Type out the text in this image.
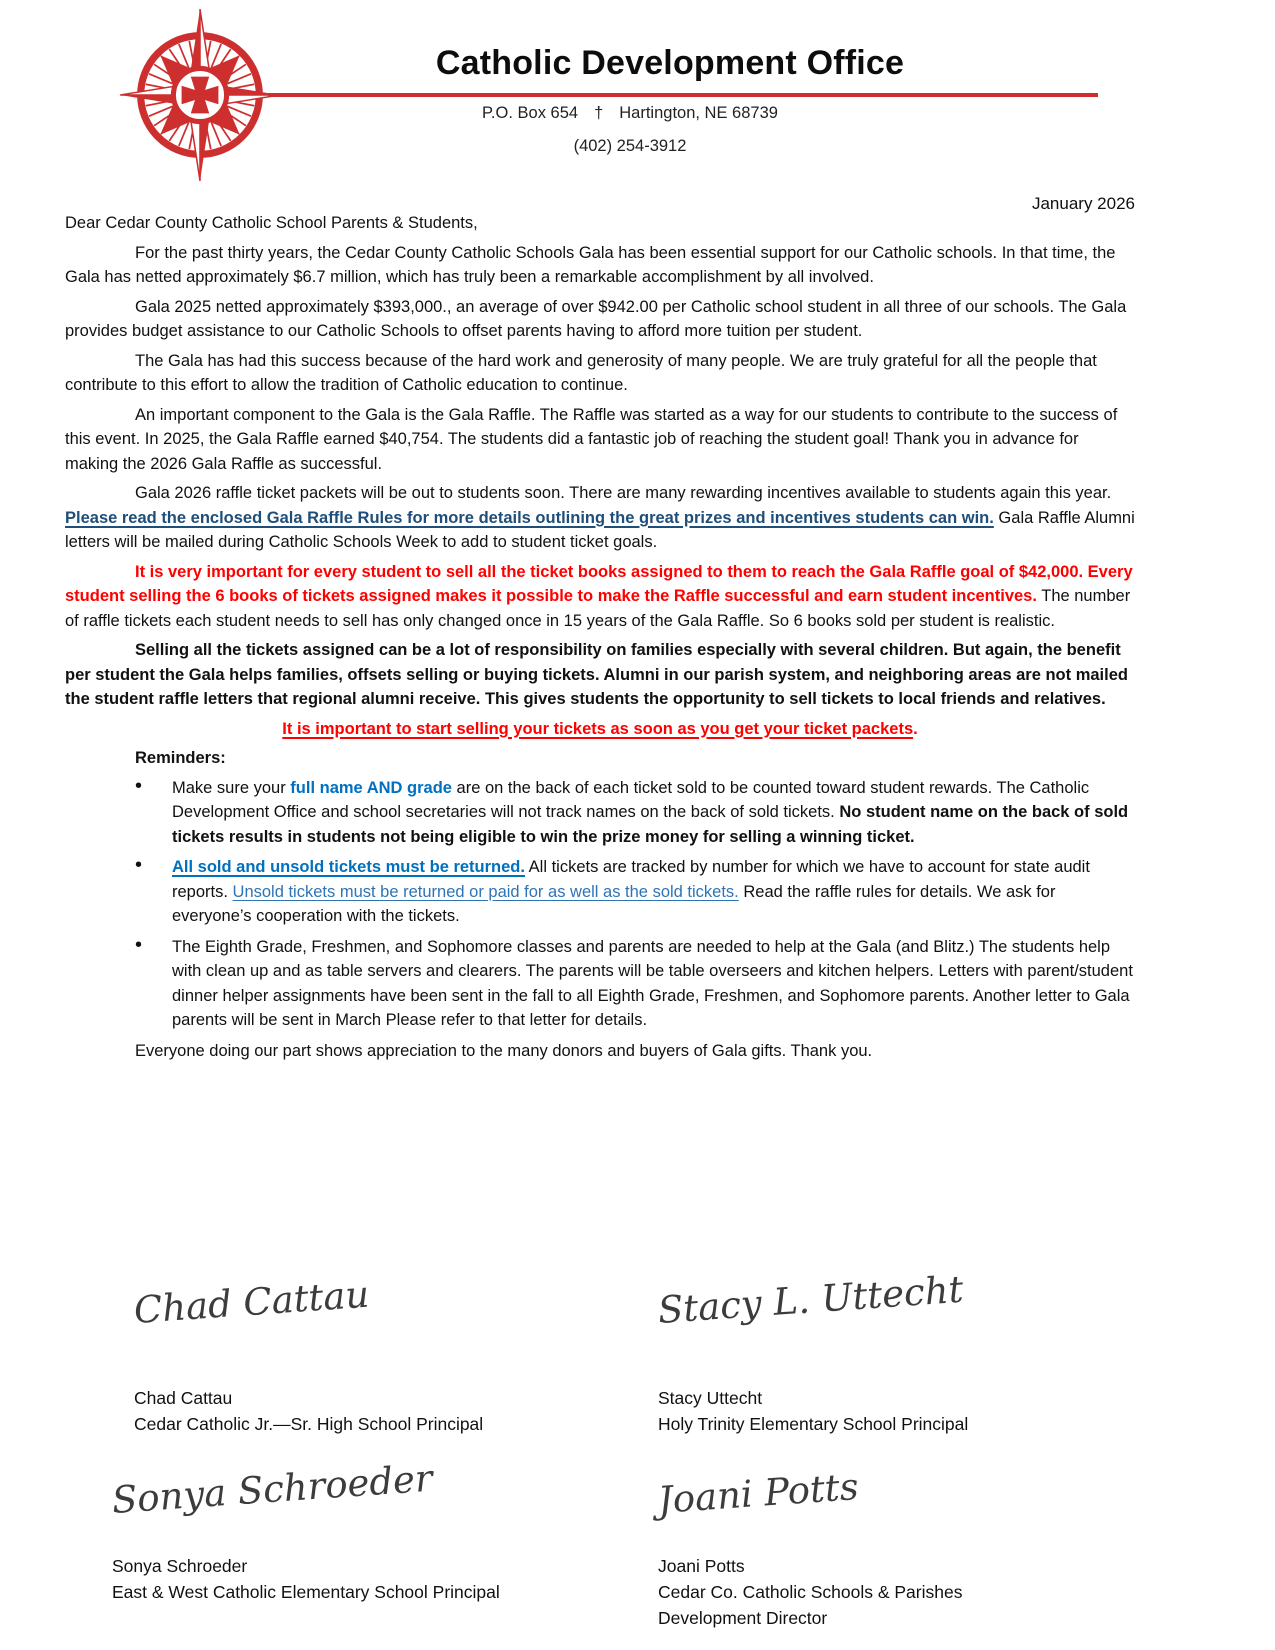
Catholic Development Office
P.O. Box 654 † Hartington, NE 68739
(402) 254-3912
January 2026
Dear Cedar County Catholic School Parents & Students,
For the past thirty years, the Cedar County Catholic Schools Gala has been essential support for our Catholic schools. In that time, the Gala has netted approximately $6.7 million, which has truly been a remarkable accomplishment by all involved.
Gala 2025 netted approximately $393,000., an average of over $942.00 per Catholic school student in all three of our schools. The Gala provides budget assistance to our Catholic Schools to offset parents having to afford more tuition per student.
The Gala has had this success because of the hard work and generosity of many people. We are truly grateful for all the people that contribute to this effort to allow the tradition of Catholic education to continue.
An important component to the Gala is the Gala Raffle. The Raffle was started as a way for our students to contribute to the success of this event. In 2025, the Gala Raffle earned $40,754. The students did a fantastic job of reaching the student goal! Thank you in advance for making the 2026 Gala Raffle as successful.
Gala 2026 raffle ticket packets will be out to students soon. There are many rewarding incentives available to students again this year. Please read the enclosed Gala Raffle Rules for more details outlining the great prizes and incentives students can win. Gala Raffle Alumni letters will be mailed during Catholic Schools Week to add to student ticket goals.
It is very important for every student to sell all the ticket books assigned to them to reach the Gala Raffle goal of $42,000. Every student selling the 6 books of tickets assigned makes it possible to make the Raffle successful and earn student incentives. The number of raffle tickets each student needs to sell has only changed once in 15 years of the Gala Raffle. So 6 books sold per student is realistic.
Selling all the tickets assigned can be a lot of responsibility on families especially with several children. But again, the benefit per student the Gala helps families, offsets selling or buying tickets. Alumni in our parish system, and neighboring areas are not mailed the student raffle letters that regional alumni receive. This gives students the opportunity to sell tickets to local friends and relatives.
It is important to start selling your tickets as soon as you get your ticket packets.
Reminders:
• Make sure your full name AND grade are on the back of each ticket sold to be counted toward student rewards. The Catholic Development Office and school secretaries will not track names on the back of sold tickets. No student name on the back of sold tickets results in students not being eligible to win the prize money for selling a winning ticket.
• All sold and unsold tickets must be returned. All tickets are tracked by number for which we have to account for state audit reports. Unsold tickets must be returned or paid for as well as the sold tickets. Read the raffle rules for details. We ask for everyone’s cooperation with the tickets.
• The Eighth Grade, Freshmen, and Sophomore classes and parents are needed to help at the Gala (and Blitz.) The students help with clean up and as table servers and clearers. The parents will be table overseers and kitchen helpers. Letters with parent/student dinner helper assignments have been sent in the fall to all Eighth Grade, Freshmen, and Sophomore parents. Another letter to Gala parents will be sent in March Please refer to that letter for details.
Everyone doing our part shows appreciation to the many donors and buyers of Gala gifts. Thank you.
Chad Cattau
Chad Cattau
Cedar Catholic Jr.—Sr. High School Principal
Stacy L. Uttecht
Stacy Uttecht
Holy Trinity Elementary School Principal
Sonya Schroeder
Sonya Schroeder
East & West Catholic Elementary School Principal
Joani Potts
Joani Potts
Cedar Co. Catholic Schools & Parishes
Development Director
